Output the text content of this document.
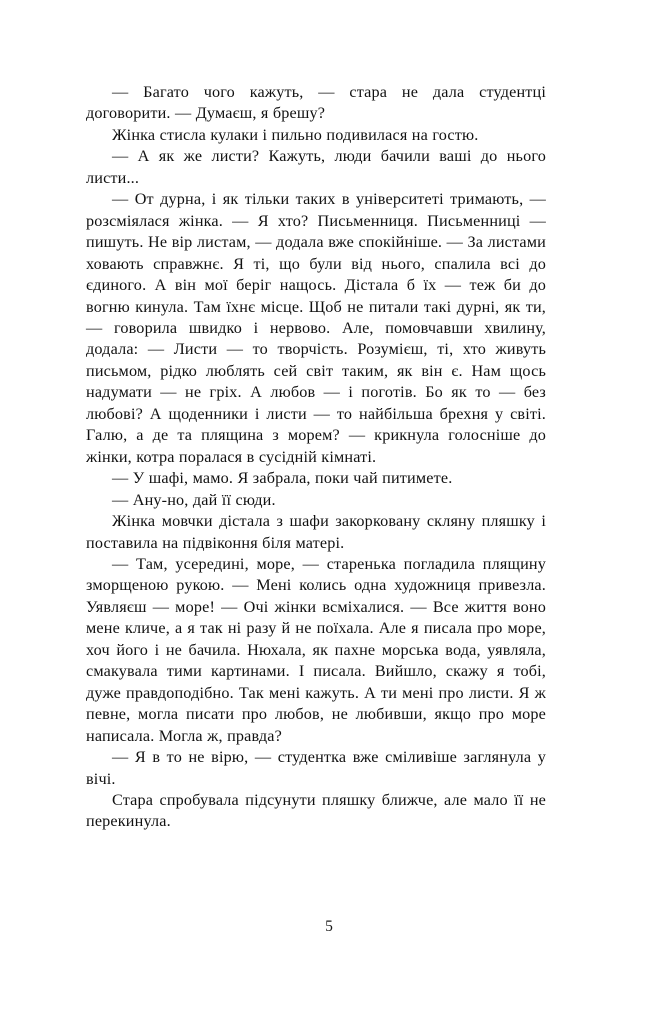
— Багато чого кажуть, — стара не дала студентці договорити. — Думаєш, я брешу?

Жінка стисла кулаки і пильно подивилася на гостю.

— А як же листи? Кажуть, люди бачили ваші до нього листи...

— От дурна, і як тільки таких в університеті тримають, — розсміялася жінка. — Я хто? Письменниця. Письменниці — пишуть. Не вір листам, — додала вже спокійніше. — За листами ховають справжнє. Я ті, що були від нього, спалила всі до єдиного. А він мої беріг нащось. Дістала б їх — теж би до вогню кинула. Там їхнє місце. Щоб не питали такі дурні, як ти, — говорила швидко і нервово. Але, помовчавши хвилину, додала: — Листи — то творчість. Розумієш, ті, хто живуть письмом, рідко люблять сей світ таким, як він є. Нам щось надумати — не гріх. А любов — і поготів. Бо як то — без любові? А щоденники і листи — то найбільша брехня у світі. Галю, а де та плящина з морем? — крикнула голосніше до жінки, котра поралася в сусідній кімнаті.

— У шафі, мамо. Я забрала, поки чай питимете.

— Ану-но, дай її сюди.

Жінка мовчки дістала з шафи закорковану скляну пляшку і поставила на підвіконня біля матері.

— Там, усередині, море, — старенька погладила плящину зморщеною рукою. — Мені колись одна художниця привезла. Уявляєш — море! — Очі жінки всміхалися. — Все життя воно мене кличе, а я так ні разу й не поїхала. Але я писала про море, хоч його і не бачила. Нюхала, як пахне морська вода, уявляла, смакувала тими картинами. І писала. Вийшло, скажу я тобі, дуже правдоподібно. Так мені кажуть. А ти мені про листи. Я ж певне, могла писати про любов, не любивши, якщо про море написала. Могла ж, правда?

— Я в то не вірю, — студентка вже сміливіше заглянула у вічі.

Стара спробувала підсунути пляшку ближче, але мало її не перекинула.

5
